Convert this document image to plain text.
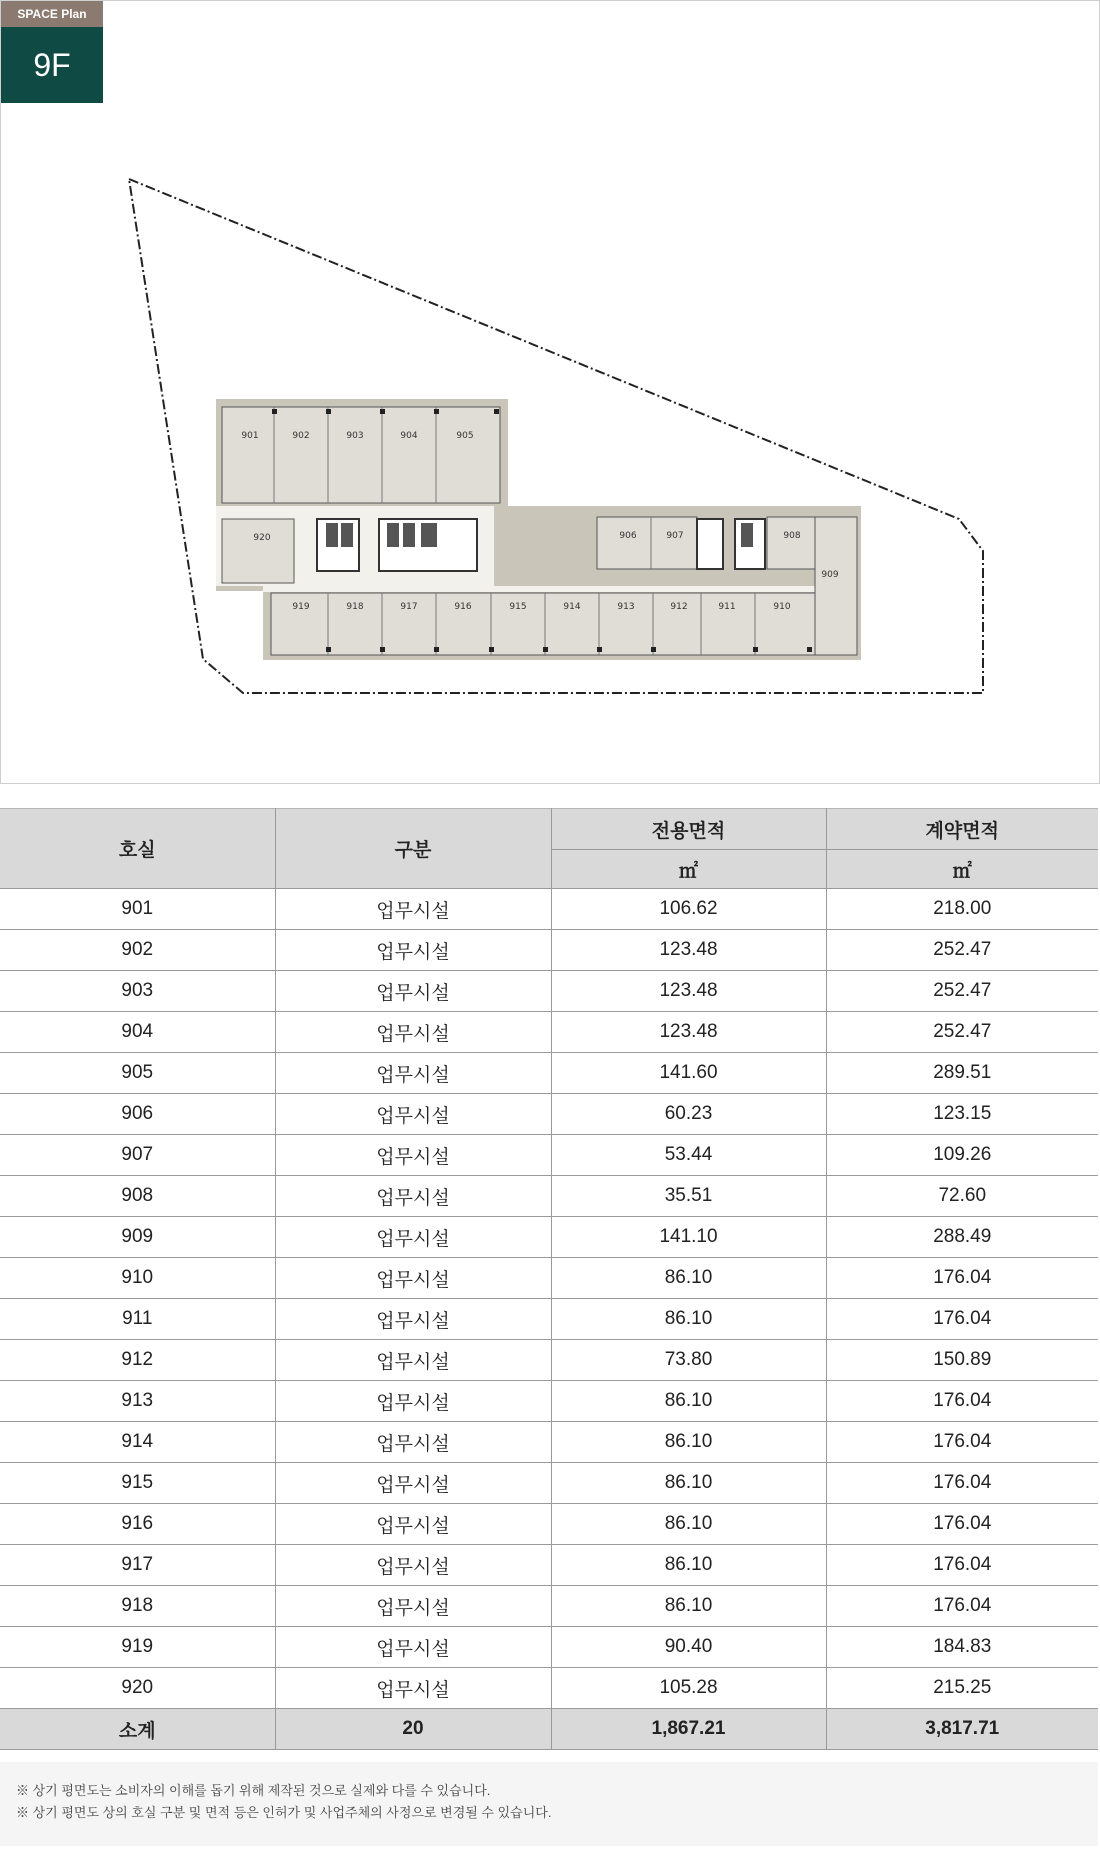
901	902	903	904	905
920	906	907	908
909
919	918	917	916	915	914	913	912	911	910
SPACE Plan
9F
호실	구분	전용면적	계약면적
		㎡	㎡
901	업무시설	106.62	218.00
902	업무시설	123.48	252.47
903	업무시설	123.48	252.47
904	업무시설	123.48	252.47
905	업무시설	141.60	289.51
906	업무시설	60.23	123.15
907	업무시설	53.44	109.26
908	업무시설	35.51	72.60
909	업무시설	141.10	288.49
910	업무시설	86.10	176.04
911	업무시설	86.10	176.04
912	업무시설	73.80	150.89
913	업무시설	86.10	176.04
914	업무시설	86.10	176.04
915	업무시설	86.10	176.04
916	업무시설	86.10	176.04
917	업무시설	86.10	176.04
918	업무시설	86.10	176.04
919	업무시설	90.40	184.83
920	업무시설	105.28	215.25
소계	20	1,867.21	3,817.71
※ 상기 평면도는 소비자의 이해를 돕기 위해 제작된 것으로 실제와 다를 수 있습니다.
※ 상기 평면도 상의 호실 구분 및 면적 등은 인허가 및 사업주체의 사정으로 변경될 수 있습니다.
